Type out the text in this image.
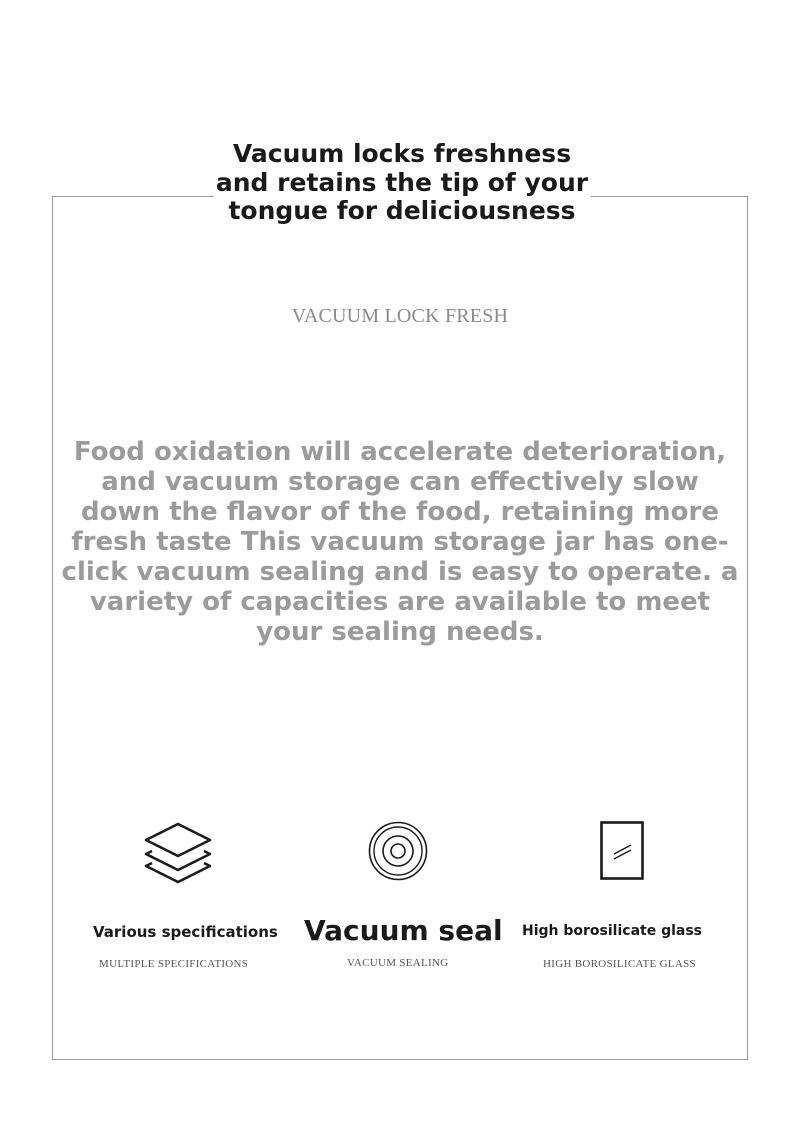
Vacuum locks freshness and retains the tip of your tongue for deliciousness
VACUUM LOCK FRESH

Food oxidation will accelerate deterioration, and vacuum storage can effectively slow down the flavor of the food, retaining more fresh taste This vacuum storage jar has one-click vacuum sealing and is easy to operate. a variety of capacities are available to meet your sealing needs.

Various specifications
MULTIPLE SPECIFICATIONS
Vacuum seal
VACUUM SEALING
High borosilicate glass
HIGH BOROSILICATE GLASS
